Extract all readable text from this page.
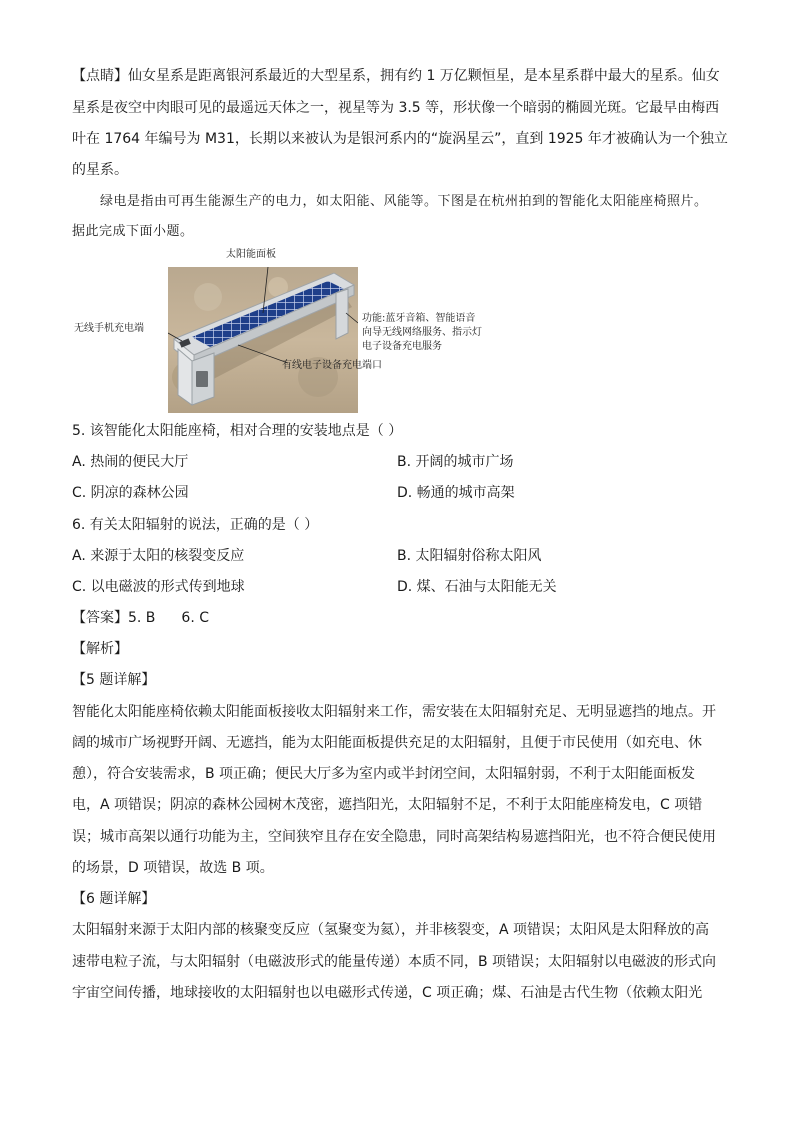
【点睛】仙女星系是距离银河系最近的大型星系，拥有约 1 万亿颗恒星，是本星系群中最大的星系。仙女
星系是夜空中肉眼可见的最遥远天体之一，视星等为 3.5 等，形状像一个暗弱的椭圆光斑。它最早由梅西
叶在 1764 年编号为 M31，长期以来被认为是银河系内的“旋涡星云”，直到 1925 年才被确认为一个独立
的星系。
绿电是指由可再生能源生产的电力，如太阳能、风能等。下图是在杭州拍到的智能化太阳能座椅照片。
据此完成下面小题。
太阳能面板
无线手机充电端
功能:蓝牙音箱、智能语音
向导无线网络服务、指示灯
电子设备充电服务
有线电子设备充电端口
5. 该智能化太阳能座椅，相对合理的安装地点是（ ）
A. 热闹的便民大厅	B. 开阔的城市广场
C. 阴凉的森林公园	D. 畅通的城市高架
6. 有关太阳辐射的说法，正确的是（ ）
A. 来源于太阳的核裂变反应	B. 太阳辐射俗称太阳风
C. 以电磁波的形式传到地球	D. 煤、石油与太阳能无关
【答案】5. B 6. C
【解析】
【5 题详解】
智能化太阳能座椅依赖太阳能面板接收太阳辐射来工作，需安装在太阳辐射充足、无明显遮挡的地点。开
阔的城市广场视野开阔、无遮挡，能为太阳能面板提供充足的太阳辐射，且便于市民使用（如充电、休
憩），符合安装需求，B 项正确；便民大厅多为室内或半封闭空间，太阳辐射弱，不利于太阳能面板发
电，A 项错误；阴凉的森林公园树木茂密，遮挡阳光，太阳辐射不足，不利于太阳能座椅发电，C 项错
误；城市高架以通行功能为主，空间狭窄且存在安全隐患，同时高架结构易遮挡阳光，也不符合便民使用
的场景，D 项错误，故选 B 项。
【6 题详解】
太阳辐射来源于太阳内部的核聚变反应（氢聚变为氦），并非核裂变，A 项错误；太阳风是太阳释放的高
速带电粒子流，与太阳辐射（电磁波形式的能量传递）本质不同，B 项错误；太阳辐射以电磁波的形式向
宇宙空间传播，地球接收的太阳辐射也以电磁形式传递，C 项正确；煤、石油是古代生物（依赖太阳光
